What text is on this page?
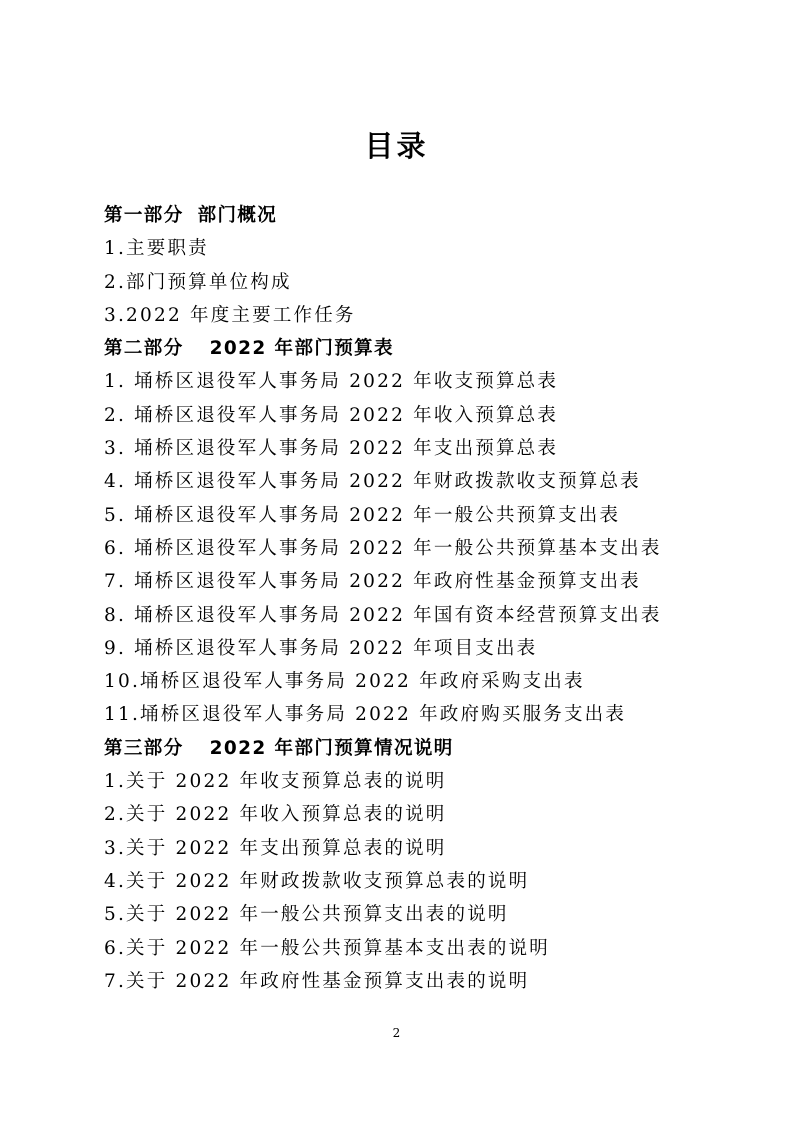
目录
第一部分 部门概况
1.主要职责
2.部门预算单位构成
3.2022 年度主要工作任务
第二部分 2022 年部门预算表
1. 埇桥区退役军人事务局 2022 年收支预算总表
2. 埇桥区退役军人事务局 2022 年收入预算总表
3. 埇桥区退役军人事务局 2022 年支出预算总表
4. 埇桥区退役军人事务局 2022 年财政拨款收支预算总表
5. 埇桥区退役军人事务局 2022 年一般公共预算支出表
6. 埇桥区退役军人事务局 2022 年一般公共预算基本支出表
7. 埇桥区退役军人事务局 2022 年政府性基金预算支出表
8. 埇桥区退役军人事务局 2022 年国有资本经营预算支出表
9. 埇桥区退役军人事务局 2022 年项目支出表
10.埇桥区退役军人事务局 2022 年政府采购支出表
11.埇桥区退役军人事务局 2022 年政府购买服务支出表
第三部分 2022 年部门预算情况说明
1.关于 2022 年收支预算总表的说明
2.关于 2022 年收入预算总表的说明
3.关于 2022 年支出预算总表的说明
4.关于 2022 年财政拨款收支预算总表的说明
5.关于 2022 年一般公共预算支出表的说明
6.关于 2022 年一般公共预算基本支出表的说明
7.关于 2022 年政府性基金预算支出表的说明
2
